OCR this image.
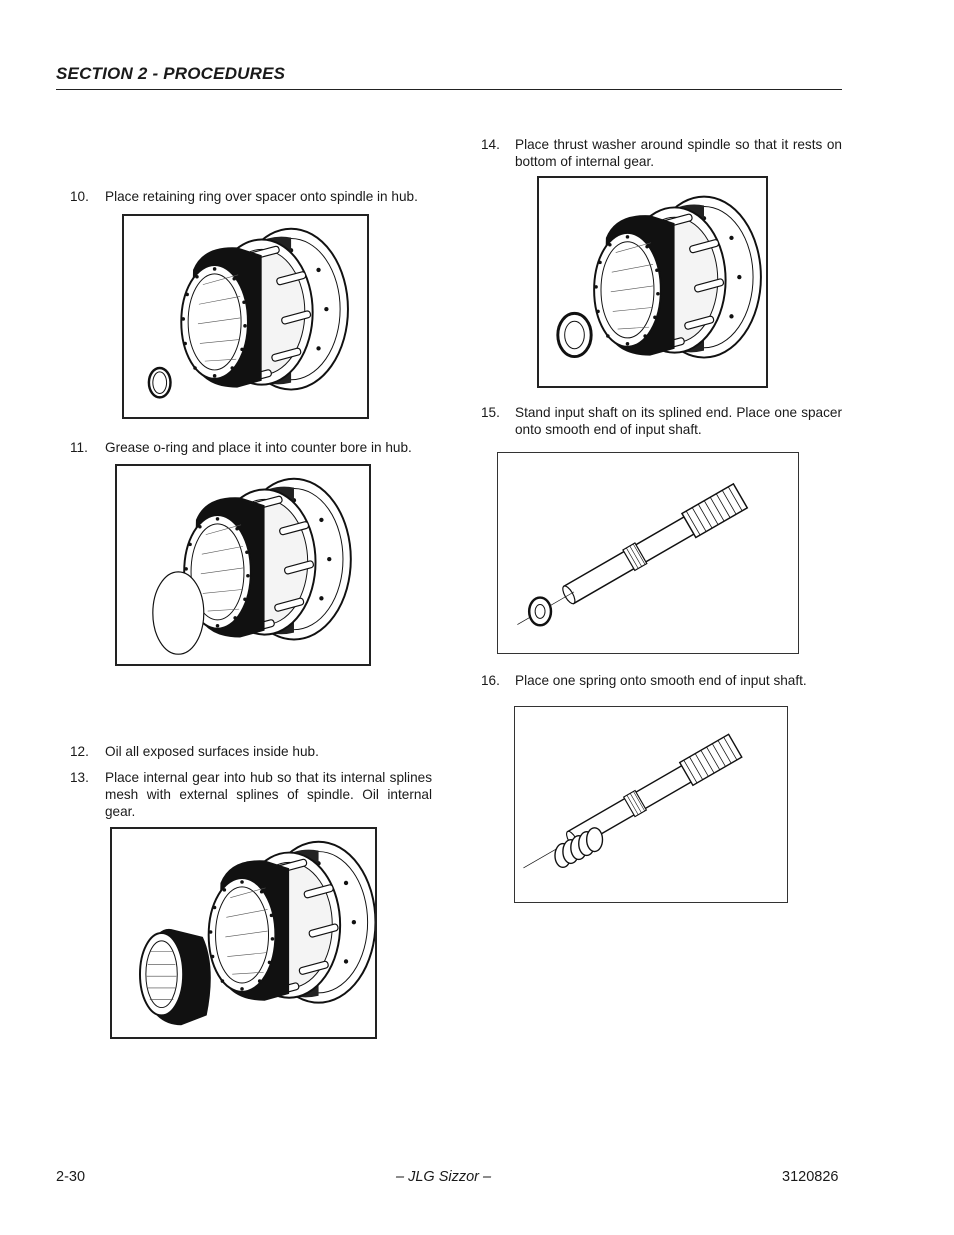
SECTION 2 - PROCEDURES
10. Place retaining ring over spacer onto spindle in hub.
11. Grease o-ring and place it into counter bore in hub.
12. Oil all exposed surfaces inside hub.
13. Place internal gear into hub so that its internal splines mesh with external splines of spindle. Oil internal gear.
14. Place thrust washer around spindle so that it rests on bottom of internal gear.
15. Stand input shaft on its splined end. Place one spacer onto smooth end of input shaft.
16. Place one spring onto smooth end of input shaft.
2-30	– JLG Sizzor –	3120826
